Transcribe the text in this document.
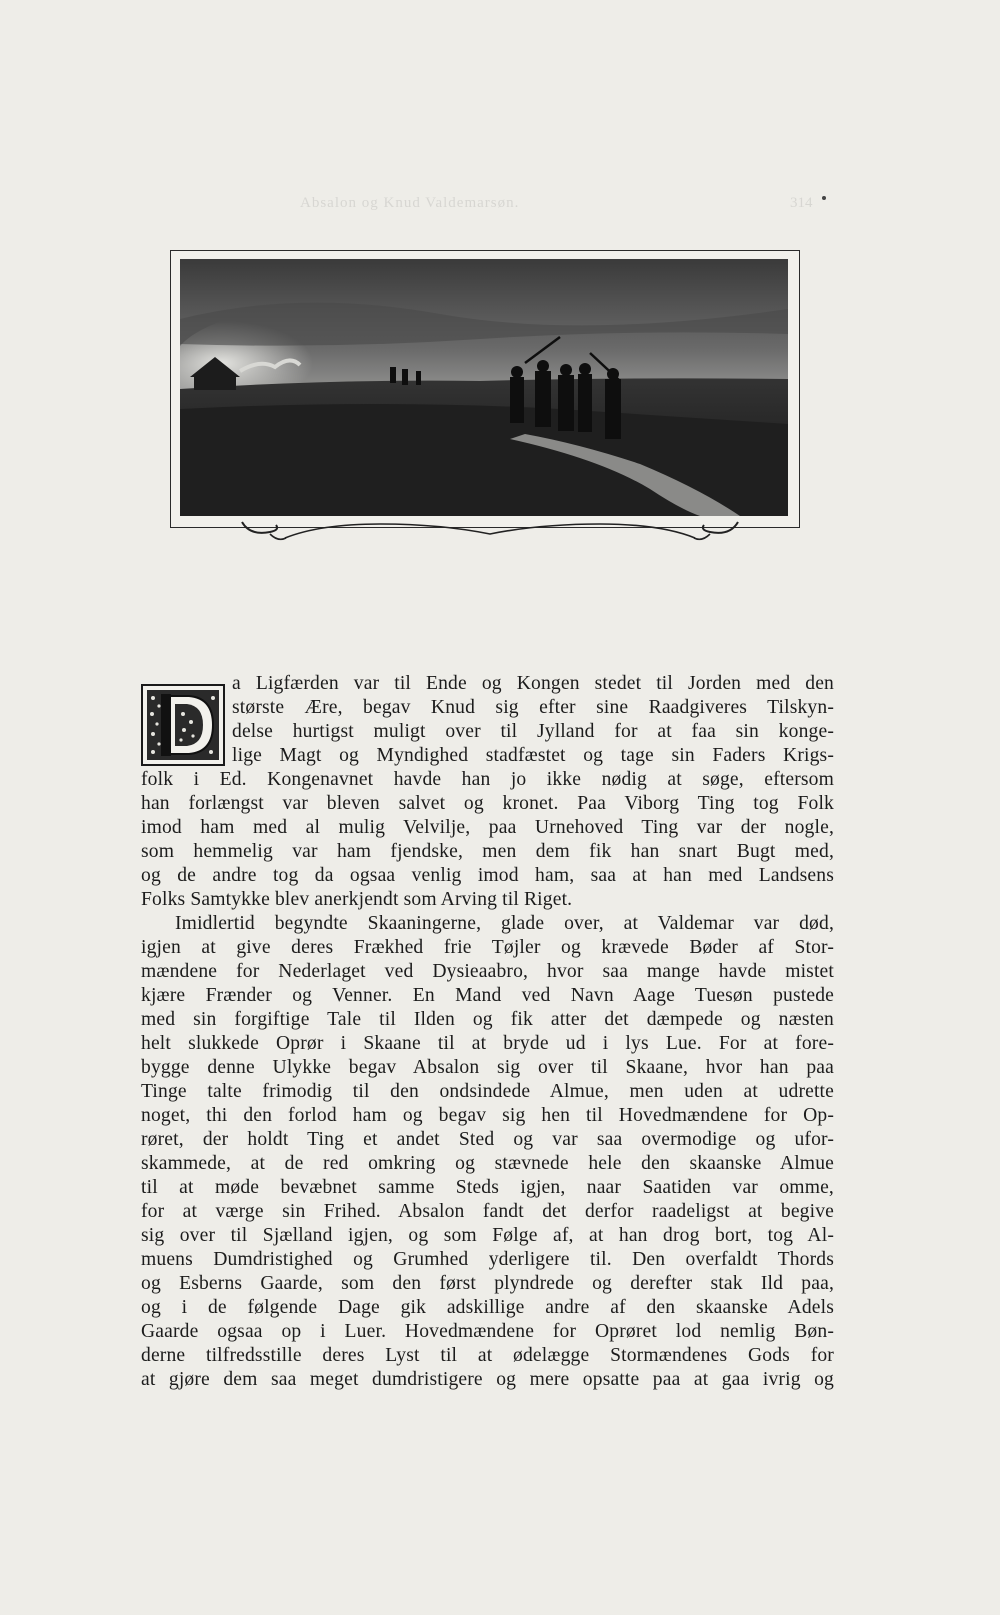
Absalon og Knud Valdemarsøn.	314
a Ligfærden var til Ende og Kongen stedet til Jorden med den
største Ære, begav Knud sig efter sine Raadgiveres Tilskyn-
delse hurtigst muligt over til Jylland for at faa sin konge-
lige Magt og Myndighed stadfæstet og tage sin Faders Krigs-
folk i Ed. Kongenavnet havde han jo ikke nødig at søge, eftersom
han forlængst var bleven salvet og kronet. Paa Viborg Ting tog Folk
imod ham med al mulig Velvilje, paa Urnehoved Ting var der nogle,
som hemmelig var ham fjendske, men dem fik han snart Bugt med,
og de andre tog da ogsaa venlig imod ham, saa at han med Landsens
Folks Samtykke blev anerkjendt som Arving til Riget.
Imidlertid begyndte Skaaningerne, glade over, at Valdemar var død,
igjen at give deres Frækhed frie Tøjler og krævede Bøder af Stor-
mændene for Nederlaget ved Dysieaabro, hvor saa mange havde mistet
kjære Frænder og Venner. En Mand ved Navn Aage Tuesøn pustede
med sin forgiftige Tale til Ilden og fik atter det dæmpede og næsten
helt slukkede Oprør i Skaane til at bryde ud i lys Lue. For at fore-
bygge denne Ulykke begav Absalon sig over til Skaane, hvor han paa
Tinge talte frimodig til den ondsindede Almue, men uden at udrette
noget, thi den forlod ham og begav sig hen til Hovedmændene for Op-
røret, der holdt Ting et andet Sted og var saa overmodige og ufor-
skammede, at de red omkring og stævnede hele den skaanske Almue
til at møde bevæbnet samme Steds igjen, naar Saatiden var omme,
for at værge sin Frihed. Absalon fandt det derfor raadeligst at begive
sig over til Sjælland igjen, og som Følge af, at han drog bort, tog Al-
muens Dumdristighed og Grumhed yderligere til. Den overfaldt Thords
og Esberns Gaarde, som den først plyndrede og derefter stak Ild paa,
og i de følgende Dage gik adskillige andre af den skaanske Adels
Gaarde ogsaa op i Luer. Hovedmændene for Oprøret lod nemlig Bøn-
derne tilfredsstille deres Lyst til at ødelægge Stormændenes Gods for
at gjøre dem saa meget dumdristigere og mere opsatte paa at gaa ivrig og
